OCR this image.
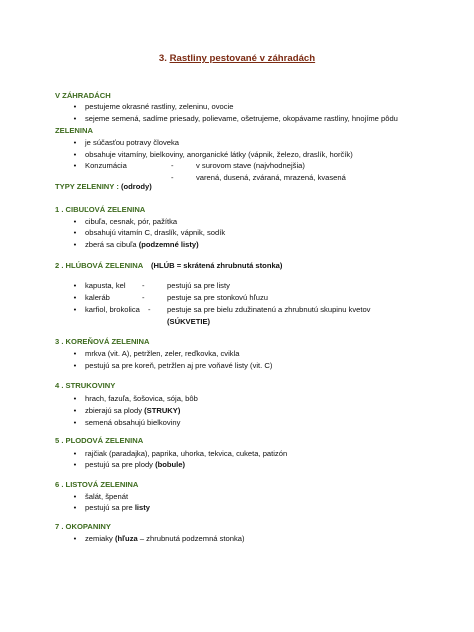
3. Rastliny pestované v záhradách
V ZÁHRADÁCH
•	pestujeme okrasné rastliny, zeleninu, ovocie
•	sejeme semená, sadíme priesady, polievame, ošetrujeme, okopávame rastliny, hnojíme pôdu
ZELENINA
•	je súčasťou potravy človeka
•	obsahuje vitamíny, bielkoviny, anorganické látky (vápnik, železo, draslík, horčík)
•	Konzumácia	-	v surovom stave (najvhodnejšia)
-	varená, dusená, zváraná, mrazená, kvasená
TYPY ZELENINY : (odrody)
1 . CIBUĽOVÁ ZELENINA
•	cibuľa, cesnak, pór, pažítka
•	obsahujú vitamín C, draslík, vápnik, sodík
•	zberá sa cibuľa (podzemné listy)
2 . HLÚBOVÁ ZELENINA (HLÚB = skrátená zhrubnutá stonka)
•	kapusta, kel -	pestujú sa pre listy
•	kaleráb	-	pestuje sa pre stonkovú hľuzu
•	karfiol, brokolica - pestuje sa pre bielu zdužinatenú a zhrubnutú skupinu kvetov
(SÚKVETIE)
3 . KOREŇOVÁ ZELENINA
•	mrkva (vit. A), petržlen, zeler, reďkovka, cvikla
•	pestujú sa pre koreň, petržlen aj pre voňavé listy (vit. C)
4 . STRUKOVINY
•	hrach, fazuľa, šošovica, sója, bôb
•	zbierajú sa plody (STRUKY)
•	semená obsahujú bielkoviny
5 . PLODOVÁ ZELENINA
•	rajčiak (paradajka), paprika, uhorka, tekvica, cuketa, patizón
•	pestujú sa pre plody (bobule)
6 . LISTOVÁ ZELENINA
•	šalát, špenát
•	pestujú sa pre listy
7 . OKOPANINY
•	zemiaky (hľuza – zhrubnutá podzemná stonka)
